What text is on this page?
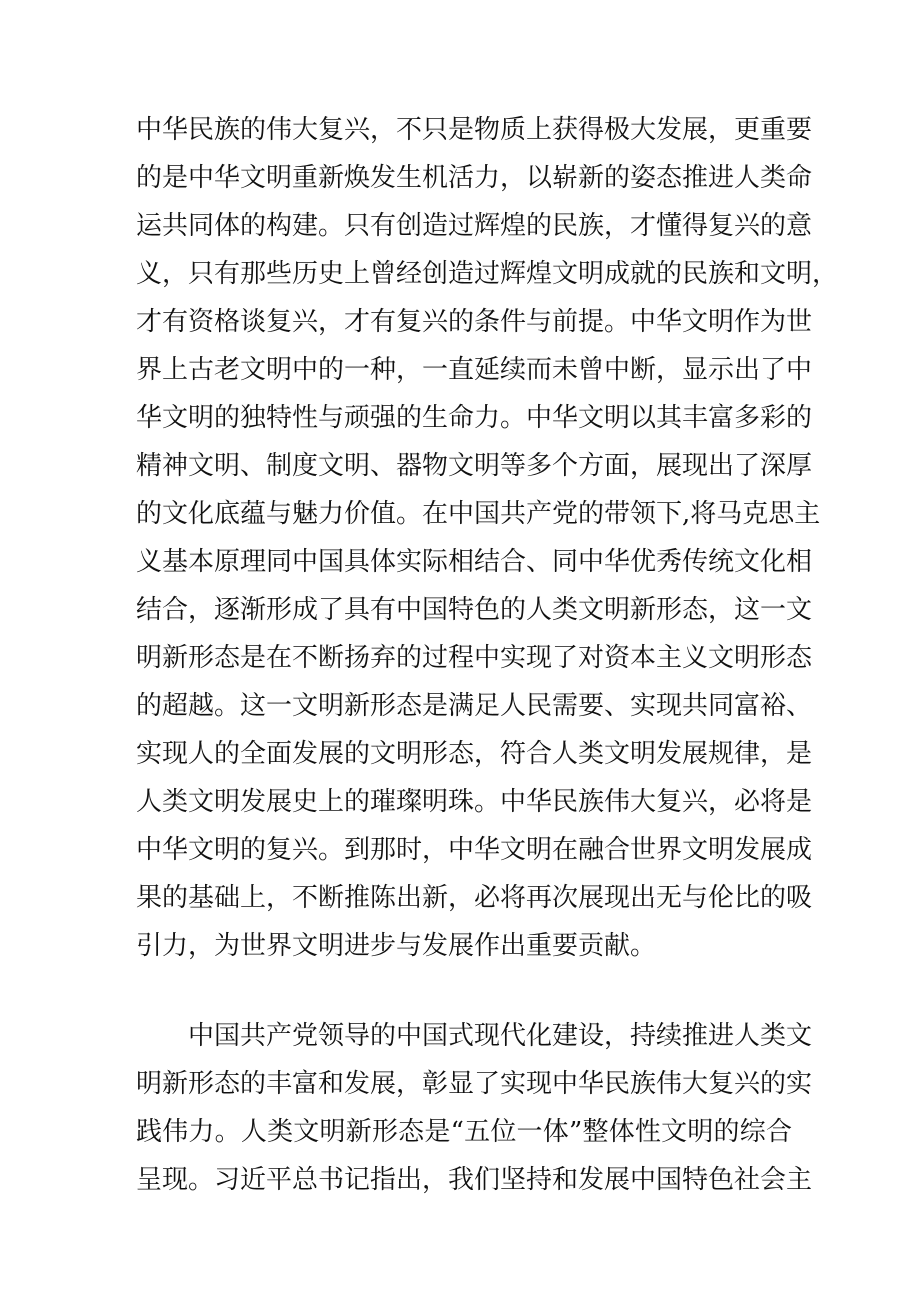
中华民族的伟大复兴，不只是物质上获得极大发展，更重要
的是中华文明重新焕发生机活力，以崭新的姿态推进人类命
运共同体的构建。只有创造过辉煌的民族，才懂得复兴的意
义，只有那些历史上曾经创造过辉煌文明成就的民族和文明，
才有资格谈复兴，才有复兴的条件与前提。中华文明作为世
界上古老文明中的一种，一直延续而未曾中断，显示出了中
华文明的独特性与顽强的生命力。中华文明以其丰富多彩的
精神文明、制度文明、器物文明等多个方面，展现出了深厚
的文化底蕴与魅力价值。在中国共产党的带领下,将马克思主
义基本原理同中国具体实际相结合、同中华优秀传统文化相
结合，逐渐形成了具有中国特色的人类文明新形态，这一文
明新形态是在不断扬弃的过程中实现了对资本主义文明形态
的超越。这一文明新形态是满足人民需要、实现共同富裕、
实现人的全面发展的文明形态，符合人类文明发展规律，是
人类文明发展史上的璀璨明珠。中华民族伟大复兴，必将是
中华文明的复兴。到那时，中华文明在融合世界文明发展成
果的基础上，不断推陈出新，必将再次展现出无与伦比的吸
引力，为世界文明进步与发展作出重要贡献。
中国共产党领导的中国式现代化建设，持续推进人类文
明新形态的丰富和发展，彰显了实现中华民族伟大复兴的实
践伟力。人类文明新形态是“五位一体”整体性文明的综合
呈现。习近平总书记指出，我们坚持和发展中国特色社会主
